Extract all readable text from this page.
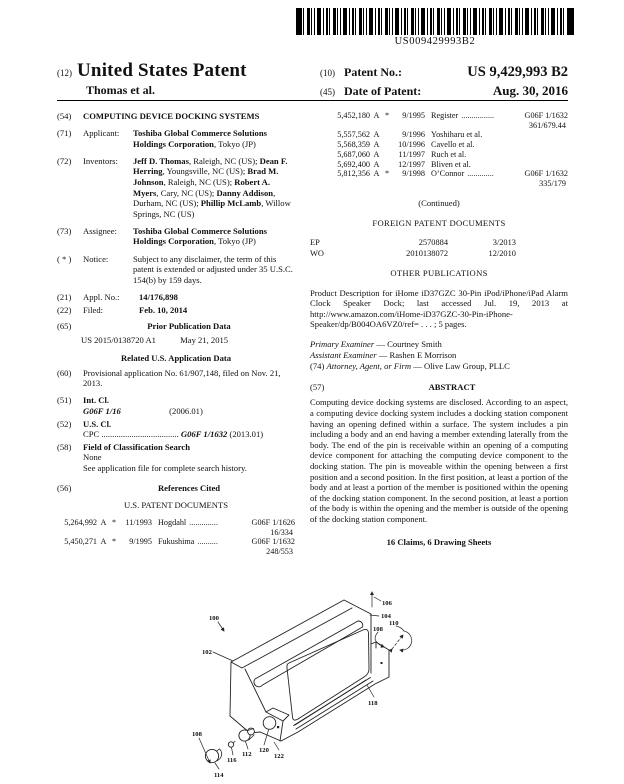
US009429993B2
(12) United States Patent
Thomas et al.
(10) Patent No.:	US 9,429,993 B2
(45) Date of Patent:	Aug. 30, 2016
(54)	COMPUTING DEVICE DOCKING SYSTEMS
(71)	Applicant:	Toshiba Global Commerce Solutions Holdings Corporation, Tokyo (JP)
(72)	Inventors:	Jeff D. Thomas, Raleigh, NC (US); Dean F. Herring, Youngsville, NC (US); Brad M. Johnson, Raleigh, NC (US); Robert A. Myers, Cary, NC (US); Danny Addison, Durham, NC (US); Phillip McLamb, Willow Springs, NC (US)
(73)	Assignee:	Toshiba Global Commerce Solutions Holdings Corporation, Tokyo (JP)
( * )	Notice:	Subject to any disclaimer, the term of this patent is extended or adjusted under 35 U.S.C. 154(b) by 159 days.
(21)	Appl. No.:	14/176,898
(22)	Filed:	Feb. 10, 2014
(65)	Prior Publication Data
US 2015/0138720 A1	May 21, 2015
Related U.S. Application Data
(60)	Provisional application No. 61/907,148, filed on Nov. 21, 2013.
(51)	Int. Cl.
G06F 1/16	(2006.01)
(52)	U.S. Cl.
CPC .................................... G06F 1/1632 (2013.01)
(58)	Field of Classification Search
None
See application file for complete search history.
(56)	References Cited
U.S. PATENT DOCUMENTS
5,264,992 A *	11/1993 Hogdahl ..............	G06F 1/1626
16/334
5,450,271 A *	9/1995 Fukushima ..........	G06F 1/1632
248/553
5,452,180 A *	9/1995 Register ................	G06F 1/1632
361/679.44
5,557,562 A	9/1996 Yoshiharu et al.
5,568,359 A	10/1996 Cavello et al.
5,687,060 A	11/1997 Ruch et al.
5,692,400 A	12/1997 Bliven et al.
5,812,356 A *	9/1998 O’Connor .............	G06F 1/1632
335/179
(Continued)
FOREIGN PATENT DOCUMENTS
EP	2570884	3/2013
WO	2010138072	12/2010
OTHER PUBLICATIONS
Product Description for iHome iD37GZC 30-Pin iPod/iPhone/iPad Alarm Clock Speaker Dock; last accessed Jul. 19, 2013 at http://www.amazon.com/iHome-iD37GZC-30-Pin-iPhone-Speaker/dp/B004OA6VZ0/ref= . . . ; 5 pages.
Primary Examiner — Courtney Smith
Assistant Examiner — Rashen E Morrison
(74) Attorney, Agent, or Firm — Olive Law Group, PLLC
(57)	ABSTRACT
Computing device docking systems are disclosed. According to an aspect, a computing device docking system includes a docking station component having an opening defined within a surface. The system includes a pin including a body and an end having a member extending laterally from the body. The end of the pin is receivable within an opening of a computing device component for attaching the computing device component to the docking station. The pin is moveable within the opening between a first position and a second position. In the first position, at least a portion of the body and at least a portion of the member is positioned within the opening of the docking station component. In the second position, at least a portion of the body is within the opening and the member is outside of the opening of the docking station component.
16 Claims, 6 Drawing Sheets
100
102
104
106
108
110
118
108
114
116
112
120
122
